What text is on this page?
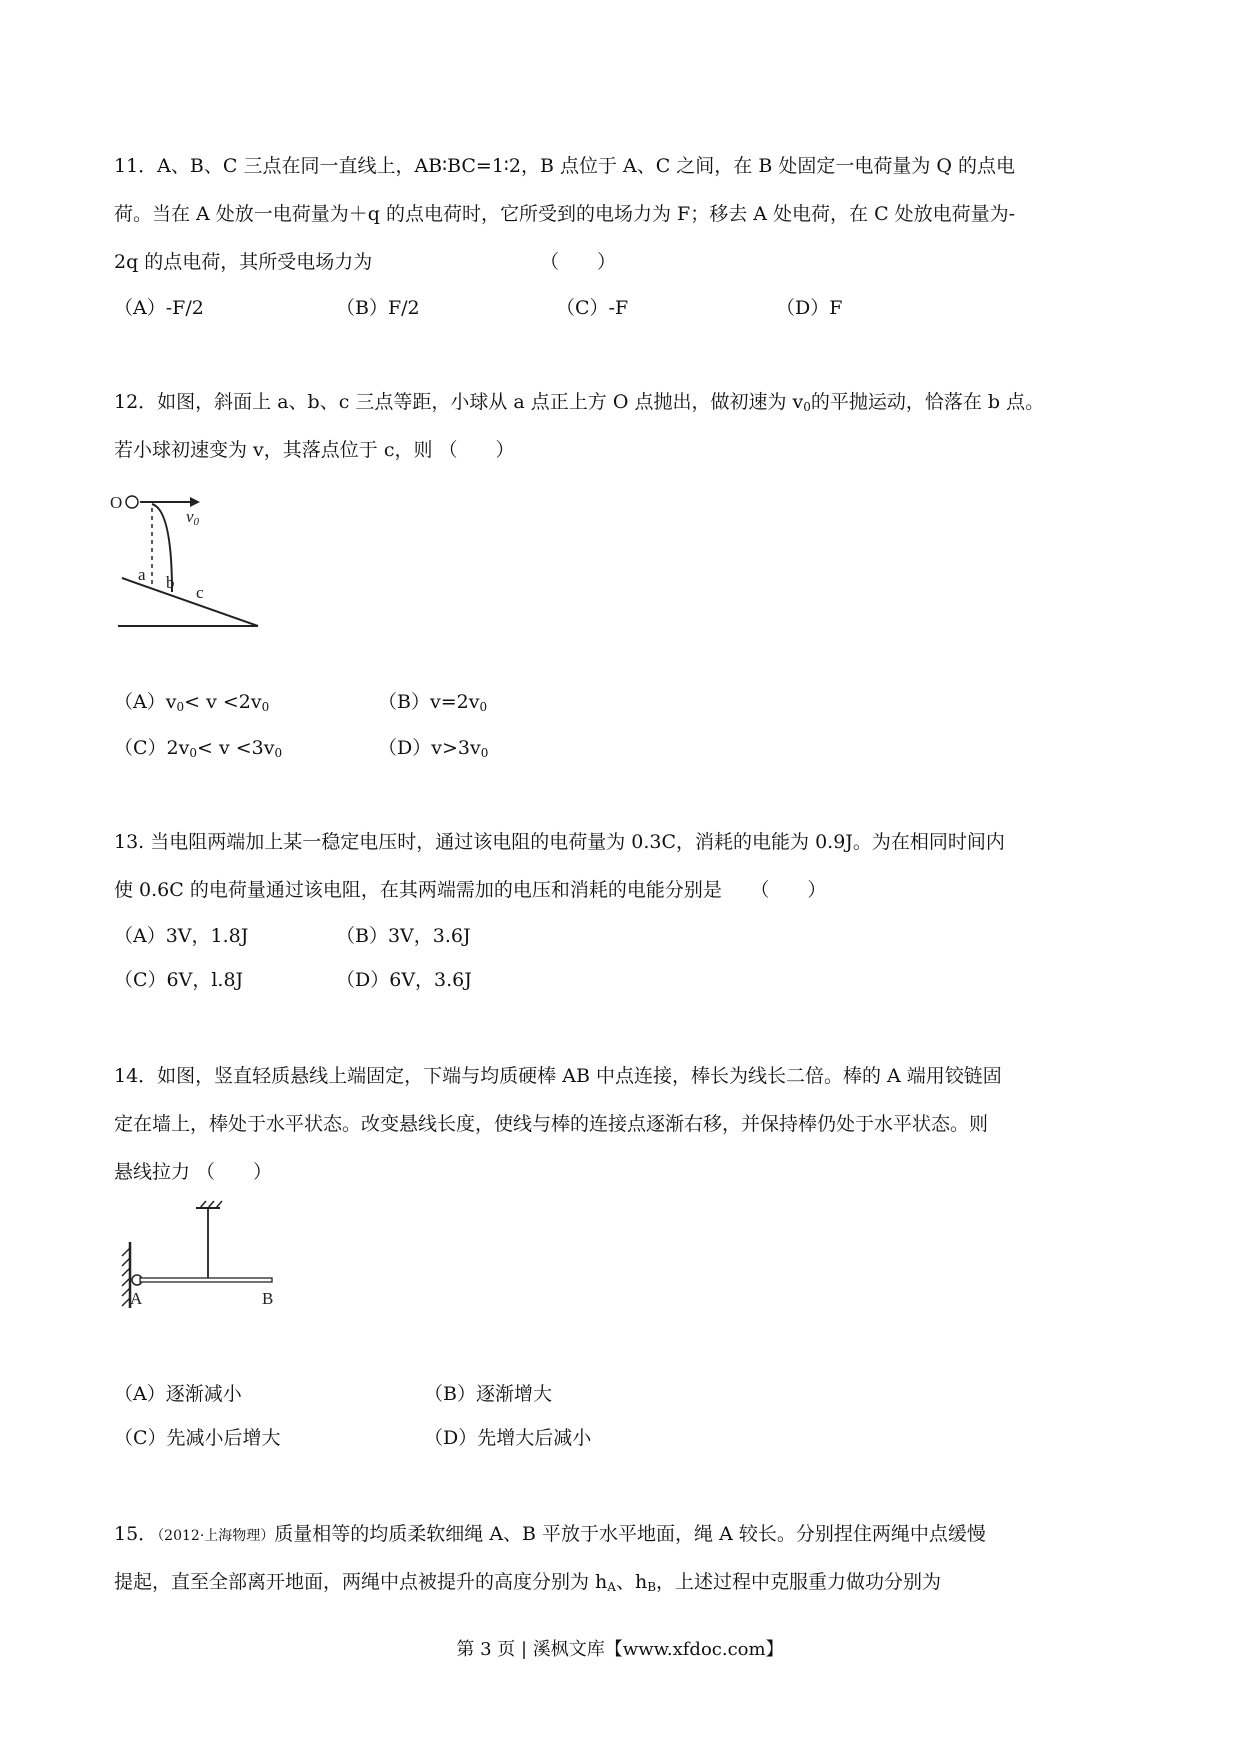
11．A、B、C 三点在同一直线上，AB∶BC=1∶2，B 点位于 A、C 之间，在 B 处固定一电荷量为 Q 的点电
荷。当在 A 处放一电荷量为＋q 的点电荷时，它所受到的电场力为 F；移去 A 处电荷，在 C 处放电荷量为-
2q 的点电荷，其所受电场力为	（　　）
（A）-F/2	（B）F/2	（C）-F	（D）F
12．如图，斜面上 a、b、c 三点等距，小球从 a 点正上方 O 点抛出，做初速为 $v_0$的平抛运动，恰落在 b 点。
若小球初速变为 v，其落点位于 c，则 （　　）
O
v0
a b
c
$(A)v_0< v <2v_0$	$(B)v=2v_0$
$(C)2v_0< v <3v_0$	$(D)v>3v_0$
13. 当电阻两端加上某一稳定电压时，通过该电阻的电荷量为 0.3C，消耗的电能为 0.9J。为在相同时间内
使 0.6C 的电荷量通过该电阻，在其两端需加的电压和消耗的电能分别是　　（　　）
（A）3V，1.8J	（B）3V，3.6J
（C）6V，l.8J	（D）6V，3.6J
14．如图，竖直轻质悬线上端固定，下端与均质硬棒 AB 中点连接，棒长为线长二倍。棒的 A 端用铰链固
定在墙上，棒处于水平状态。改变悬线长度，使线与棒的连接点逐渐右移，并保持棒仍处于水平状态。则
悬线拉力 （　　）
A	B
（A）逐渐减小	（B）逐渐增大
（C）先减小后增大	（D）先增大后减小
15．（2012·上海物理）质量相等的均质柔软细绳 A、B 平放于水平地面，绳 A 较长。分别捏住两绳中点缓慢
提起，直至全部离开地面，两绳中点被提升的高度分别为 $h_A$、$h_B$，上述过程中克服重力做功分别为
第 3 页 | 溪枫文库【www.xfdoc.com】
